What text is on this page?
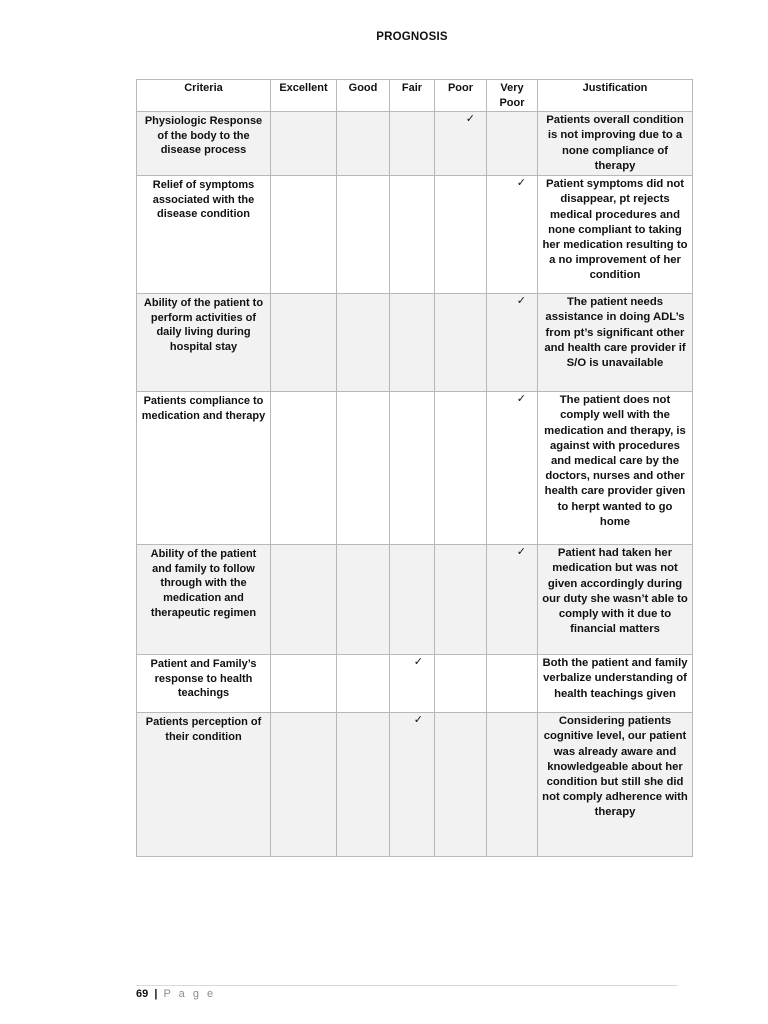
PROGNOSIS
Criteria	Excellent	Good	Fair	Poor	Very Poor	Justification
Physiologic Response of the body to the disease process				✓		Patients overall condition is not improving due to a none compliance of therapy
Relief of symptoms associated with the disease condition					✓	Patient symptoms did not disappear, pt rejects medical procedures and none compliant to taking her medication resulting to a no improvement of her condition
Ability of the patient to perform activities of daily living during hospital stay					✓	The patient needs assistance in doing ADL’s from pt’s significant other and health care provider if S/O is unavailable
Patients compliance to medication and therapy					✓	The patient does not comply well with the medication and therapy, is against with procedures and medical care by the doctors, nurses and other health care provider given to herpt wanted to go home
Ability of the patient and family to follow through with the medication and therapeutic regimen					✓	Patient had taken her medication but was not given accordingly during our duty she wasn’t able to comply with it due to financial matters
Patient and Family’s response to health teachings			✓			Both the patient and family verbalize understanding of health teachings given
Patients perception of their condition			✓			Considering patients cognitive level, our patient was already aware and knowledgeable about her condition but still she did not comply adherence with therapy
69 | P a g e
